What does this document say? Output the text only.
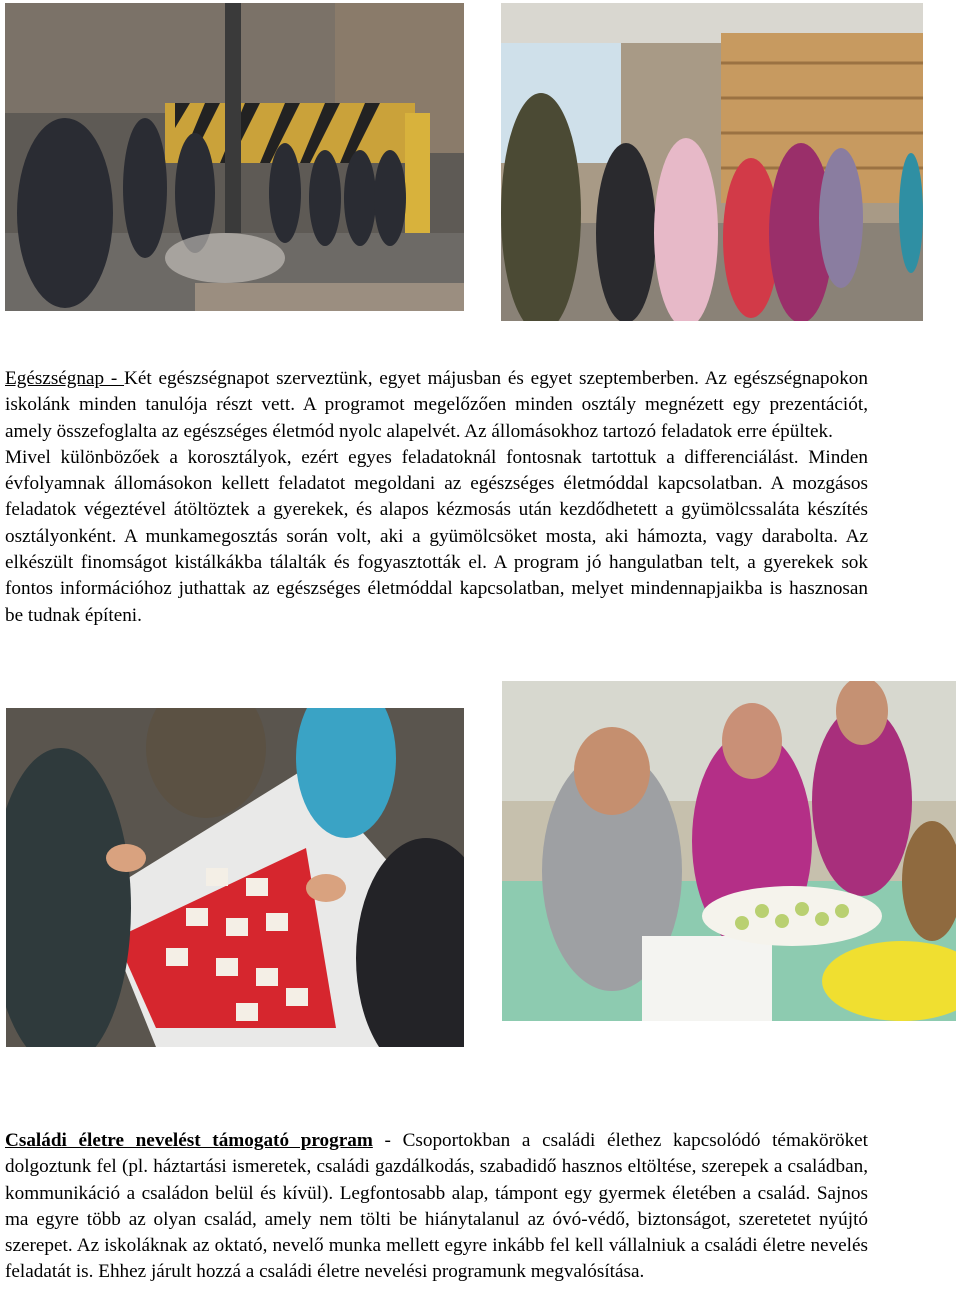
Egészségnap - Két egészségnapot szerveztünk, egyet májusban és egyet szeptemberben. Az egészségnapokon iskolánk minden tanulója részt vett. A programot megelőzően minden osztály megnézett egy prezentációt, amely összefoglalta az egészséges életmód nyolc alapelvét. Az állomásokhoz tartozó feladatok erre épültek.
Mivel különbözőek a korosztályok, ezért egyes feladatoknál fontosnak tartottuk a differenciálást. Minden évfolyamnak állomásokon kellett feladatot megoldani az egészséges életmóddal kapcsolatban. A mozgásos feladatok végeztével átöltöztek a gyerekek, és alapos kézmosás után kezdődhetett a gyümölcssaláta készítés osztályonként. A munkamegosztás során volt, aki a gyümölcsöket mosta, aki hámozta, vagy darabolta. Az elkészült finomságot kistálkákba tálalták és fogyasztották el. A program jó hangulatban telt, a gyerekek sok fontos információhoz juthattak az egészséges életmóddal kapcsolatban, melyet mindennapjaikba is hasznosan be tudnak építeni.
Családi életre nevelést támogató program - Csoportokban a családi élethez kapcsolódó témaköröket dolgoztunk fel (pl. háztartási ismeretek, családi gazdálkodás, szabadidő hasznos eltöltése, szerepek a családban, kommunikáció a családon belül és kívül). Legfontosabb alap, támpont egy gyermek életében a család. Sajnos ma egyre több az olyan család, amely nem tölti be hiánytalanul az óvó-védő, biztonságot, szeretetet nyújtó szerepet. Az iskoláknak az oktató, nevelő munka mellett egyre inkább fel kell vállalniuk a családi életre nevelés feladatát is. Ehhez járult hozzá a családi életre nevelési programunk megvalósítása.
